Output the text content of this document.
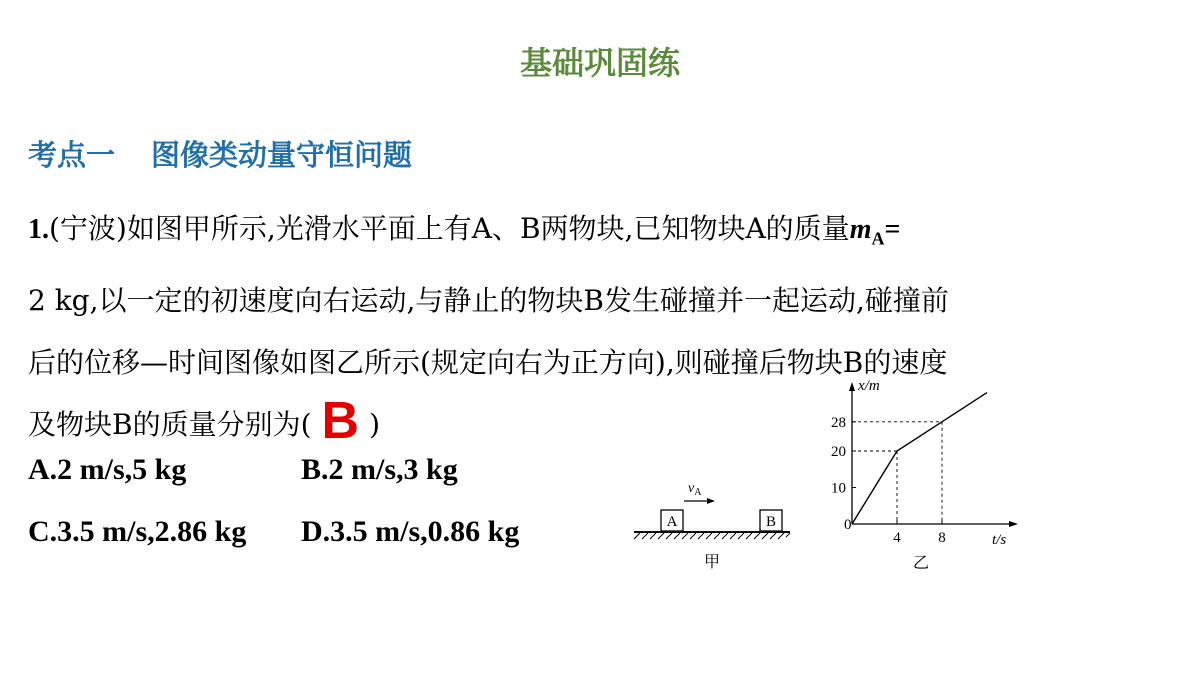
基础巩固练
考点一 图像类动量守恒问题
1.(宁波)如图甲所示,光滑水平面上有A、B两物块,已知物块A的质量$m_A=$
2 kg,以一定的初速度向右运动,与静止的物块B发生碰撞并一起运动,碰撞前
后的位移—时间图像如图乙所示(规定向右为正方向),则碰撞后物块B的速度
及物块B的质量分别为( B )
A.2 m/s,5 kg	B.2 m/s,3 kg
C.3.5 m/s,2.86 kg D.3.5 m/s,0.86 kg	A	B
$v_A$
甲
4	8
10
20
28
x/m
t/s
0
乙
